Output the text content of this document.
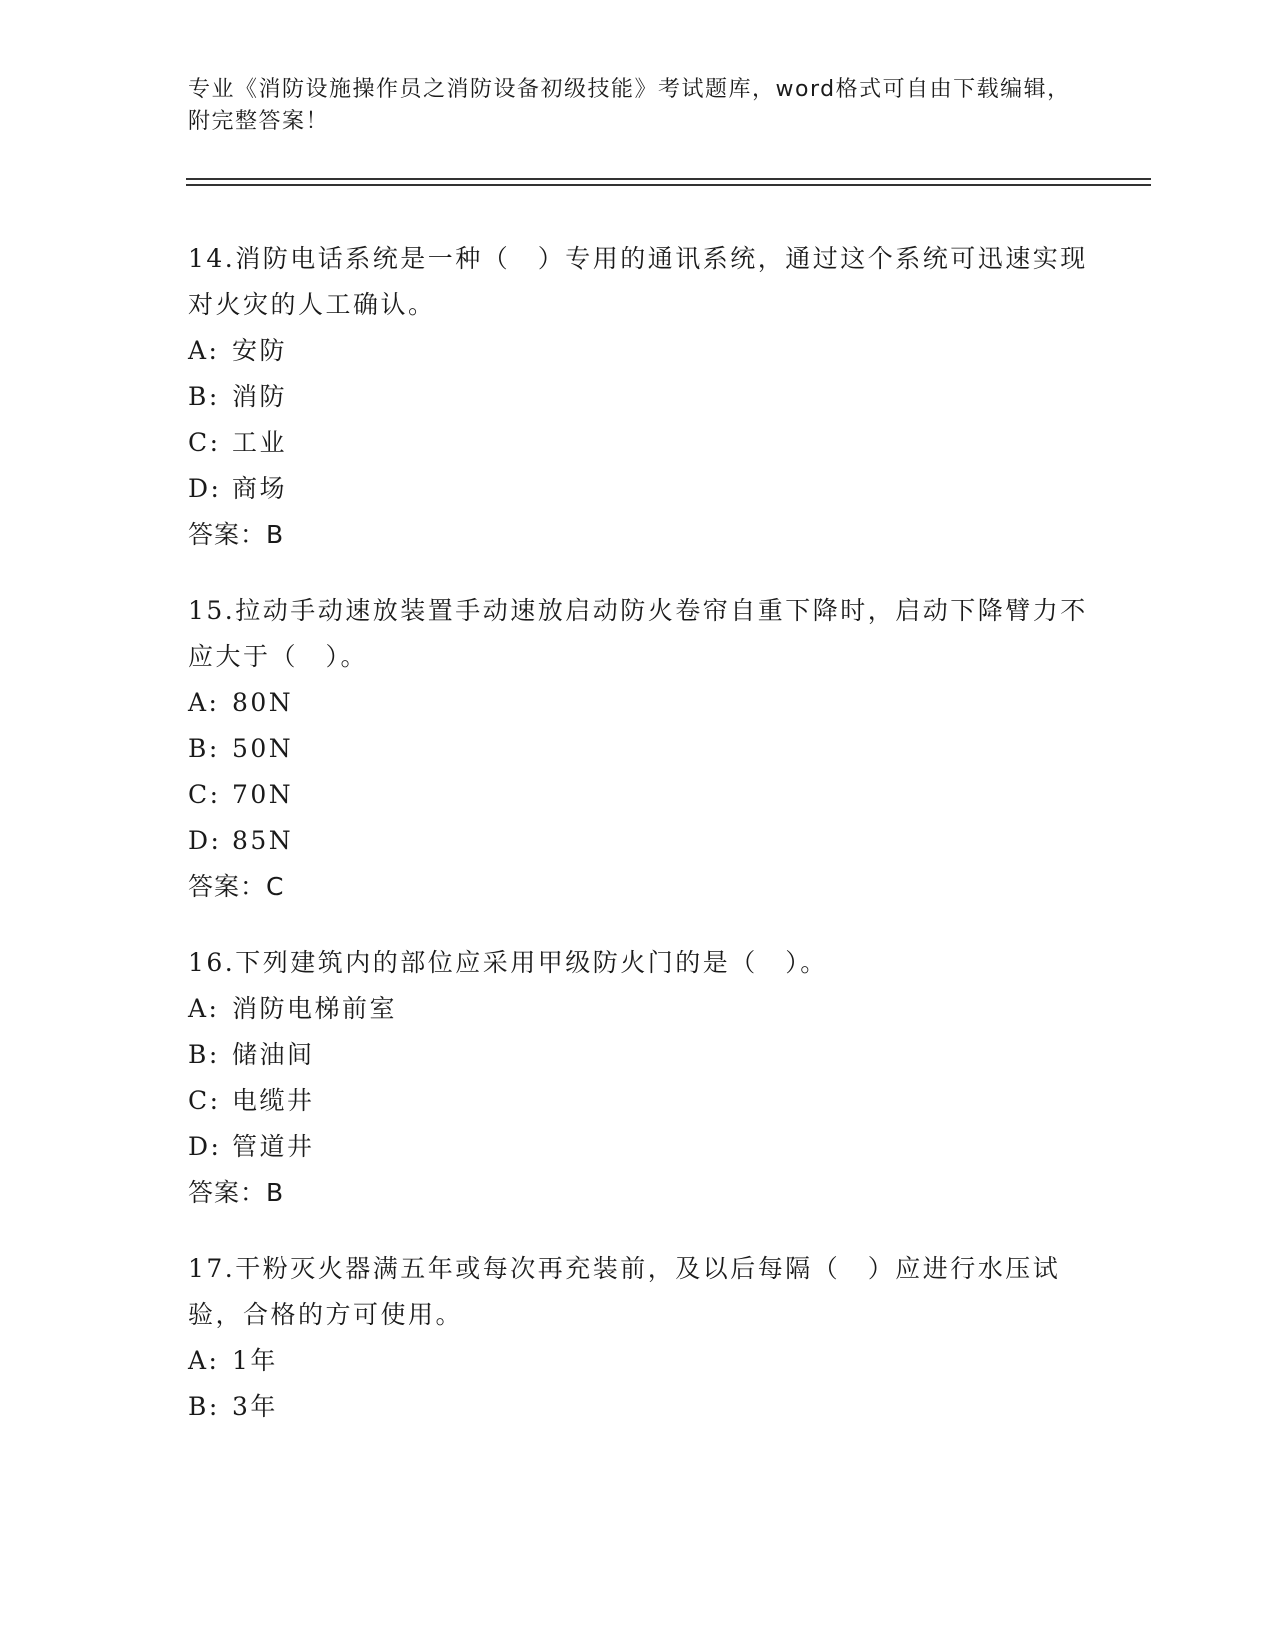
专业《消防设施操作员之消防设备初级技能》考试题库，word格式可自由下载编辑，附完整答案！

14.消防电话系统是一种（　）专用的通讯系统，通过这个系统可迅速实现对火灾的人工确认。

A: 安防

B: 消防

C: 工业

D: 商场

答案：B

15.拉动手动速放装置手动速放启动防火卷帘自重下降时，启动下降臂力不应大于（　）。

A: 80N

B: 50N

C: 70N

D: 85N

答案：C

16.下列建筑内的部位应采用甲级防火门的是（　）。

A: 消防电梯前室

B: 储油间

C: 电缆井

D: 管道井

答案：B

17.干粉灭火器满五年或每次再充装前，及以后每隔（　）应进行水压试验，合格的方可使用。

A: 1年

B: 3年
